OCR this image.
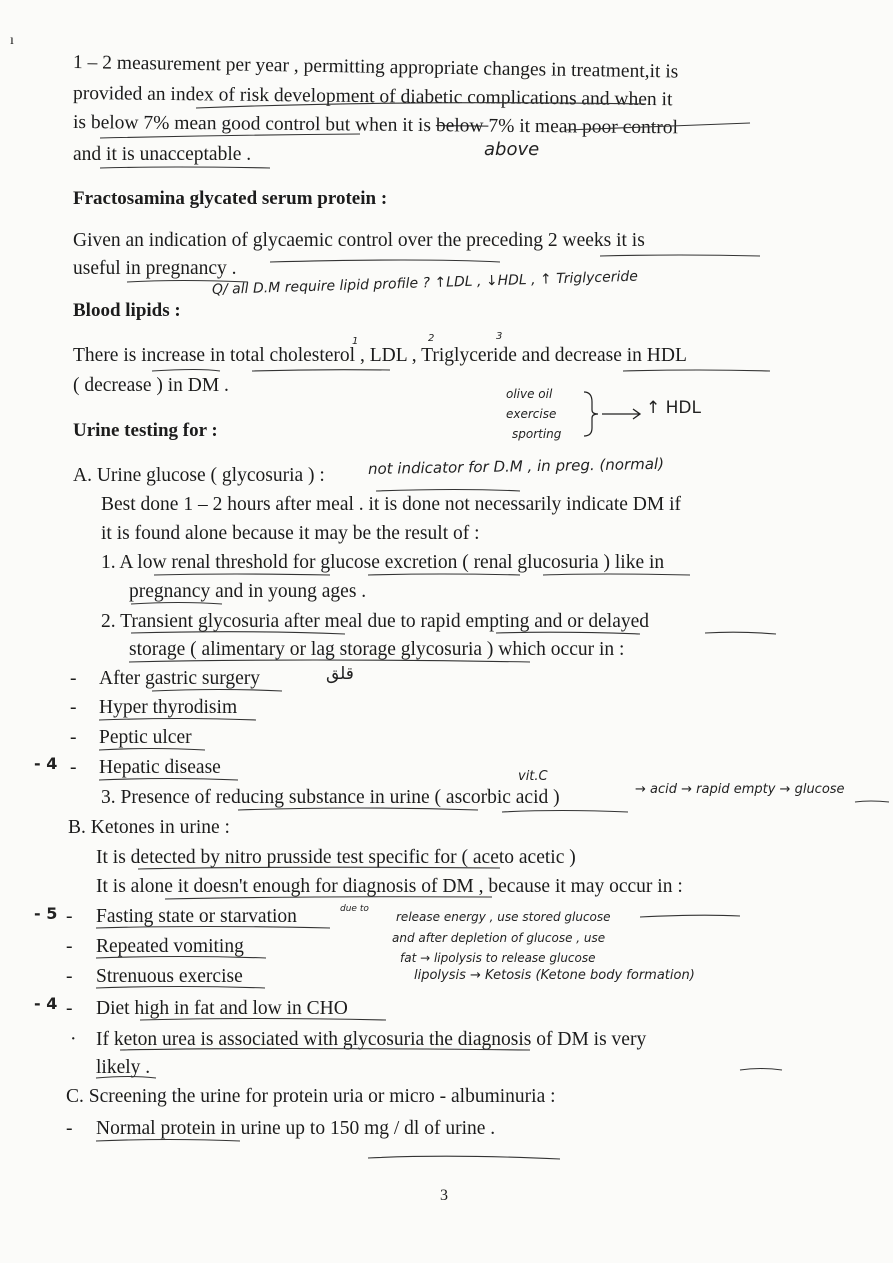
ı
1 – 2 measurement per year , permitting appropriate changes in treatment,it is
provided an index of risk development of diabetic complications and when it
is below 7% mean good control but when it is below 7% it mean poor control
and it is unacceptable .	above
Fractosamina glycated serum protein :
Given an indication of glycaemic control over the preceding 2 weeks it is
useful in pregnancy .
Blood lipids :
Q/ all D.M require lipid profile ? ↑LDL , ↓HDL , ↑ Triglyceride
1	2	3
There is increase in total cholesterol , LDL , Triglyceride and decrease in HDL
( decrease ) in DM .	olive oil
exercise
sporting
↑ HDL
Urine testing for :
A. Urine glucose ( glycosuria ) :	not indicator for D.M , in preg. (normal)
Best done 1 – 2 hours after meal . it is done not necessarily indicate DM if
it is found alone because it may be the result of :
1. A low renal threshold for glucose excretion ( renal glucosuria ) like in
pregnancy and in young ages .
2. Transient glycosuria after meal due to rapid empting and or delayed
storage ( alimentary or lag storage glycosuria ) which occur in :
- After gastric surgery	قلق
- Hyper thyrodisim
- Peptic ulcer
- 4 - Hepatic disease	vit.C
3. Presence of reducing substance in urine ( ascorbic acid )	→ acid → rapid empty → glucose
B. Ketones in urine :
It is detected by nitro prusside test specific for ( aceto acetic )
It is alone it doesn't enough for diagnosis of DM , because it may occur in :
- 5 - Fasting state or starvation	due to
release energy , use stored glucose
- Repeated vomiting	and after depletion of glucose , use
fat → lipolysis to release glucose
- Strenuous exercise	lipolysis → Ketosis (Ketone body formation)
- 4 - Diet high in fat and low in CHO
· If keton urea is associated with glycosuria the diagnosis of DM is very
likely .
C. Screening the urine for protein uria or micro - albuminuria :
- Normal protein in urine up to 150 mg / dl of urine .
3
